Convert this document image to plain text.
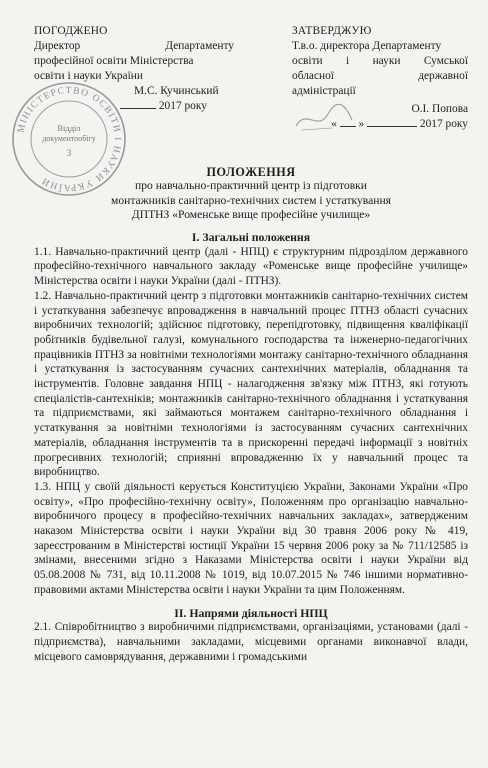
ПОГОДЖЕНО
Директор	Департаменту
професійної освіти Міністерства
освіти і науки України
М.С. Кучинський
2017 року
ЗАТВЕРДЖУЮ
Т.в.о. директора Департаменту
освіти і науки Сумської
обласної	державної
адміністрації
О.І. Попова
«  »	2017 року
МІНІСТЕРСТВО ОСВІТИ І НАУКИ УКРАЇНИ
Відділ
документообігу
3
ПОЛОЖЕННЯ
про навчально-практичний центр із підготовки
монтажників санітарно-технічних систем і устаткування
ДПТНЗ «Роменське вище професійне училище»
І. Загальні положення

1.1. Навчально-практичний центр (далі - НПЦ) є структурним підрозділом державного професійно-технічного навчального закладу «Роменське вище професійне училище» Міністерства освіти і науки України (далі - ПТНЗ).

1.2. Навчально-практичний центр з підготовки монтажників санітарно-технічних систем і устаткування забезпечує впровадження в навчальний процес ПТНЗ області сучасних виробничих технологій; здійснює підготовку, перепідготовку, підвищення кваліфікації робітників будівельної галузі, комунального господарства та інженерно-педагогічних працівників ПТНЗ за новітніми технологіями монтажу санітарно-технічного обладнання і устаткування із застосуванням сучасних сантехнічних матеріалів, обладнання та інструментів. Головне завдання НПЦ - налагодження зв'язку між ПТНЗ, які готують спеціалістів-сантехніків; монтажників санітарно-технічного обладнання і устаткування та підприємствами, які займаються монтажем санітарно-технічного обладнання і устаткування за новітніми технологіями із застосуванням сучасних сантехнічних матеріалів, обладнання інструментів та в прискоренні передачі інформації з новітніх прогресивних технологій; сприянні впровадженню їх у навчальний процес та виробництво.

1.3. НПЦ у своїй діяльності керується Конституцією України, Законами України «Про освіту», «Про професійно-технічну освіту», Положенням про організацію навчально-виробничого процесу в професійно-технічних навчальних закладах», затвердженим наказом Міністерства освіти і науки України від 30 травня 2006 року № 419, зареєстрованим в Міністерстві юстиції України 15 червня 2006 року за № 711/12585 із змінами, внесеними згідно з Наказами Міністерства освіти і науки України від 05.08.2008 № 731, від 10.11.2008 № 1019, від 10.07.2015 № 746 іншими нормативно-правовими актами Міністерства освіти і науки України та цим Положенням.

ІІ. Напрями діяльності НПЦ

2.1. Співробітництво з виробничими підприємствами, організаціями, установами (далі - підприємства), навчальними закладами, місцевими органами виконавчої влади, місцевого самоврядування, державними і громадськими
